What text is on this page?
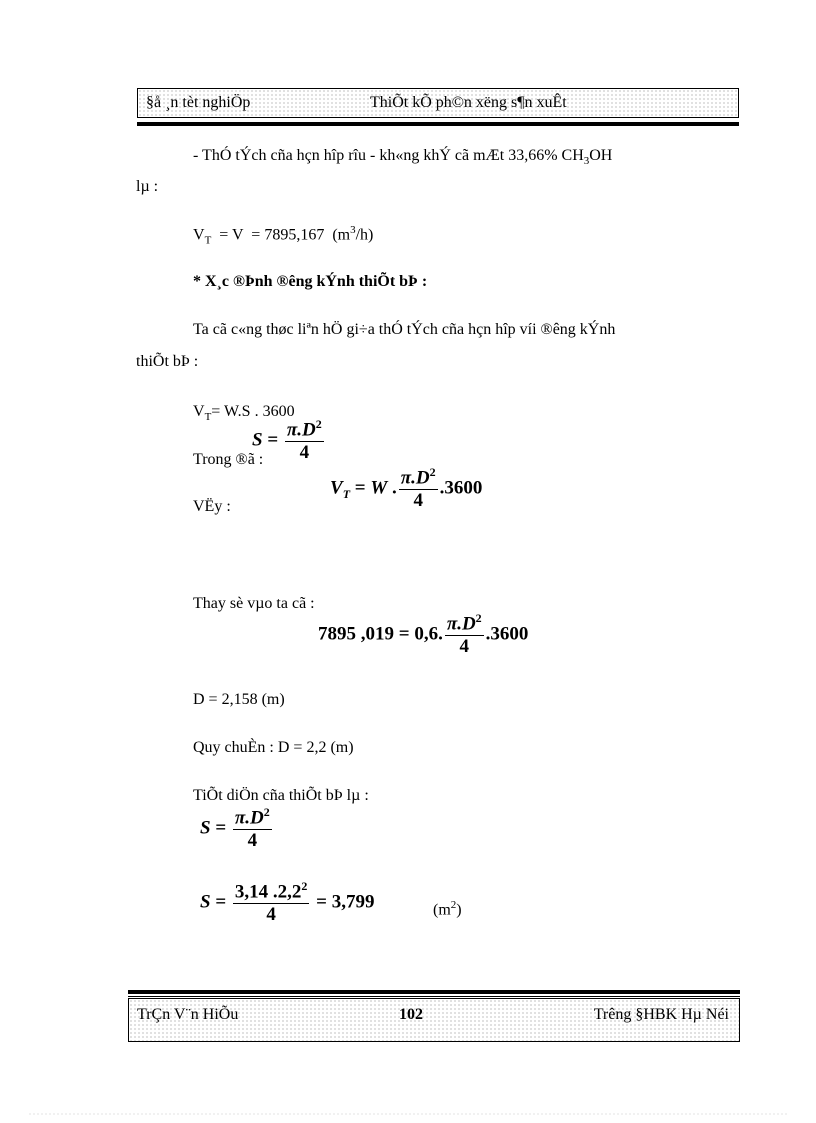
§å ¸n tèt nghiÖp	ThiÕt kÕ ph©n xëng s¶n xuÊt
- ThÓ tÝch cña hçn hîp rîu - kh«ng khÝ cã mÆt 33,66% $CH_3OH$
lµ :
$V_T = V = 7895,167$  $(m^3/h)$
* X¸c ®Þnh ®êng kÝnh thiÕt bÞ :
Ta cã c«ng thøc liªn hÖ gi÷a thÓ tÝch cña hçn hîp víi ®êng kÝnh
thiÕt bÞ :
$V_T= W.S$ . 3600
Trong ®ã :
$S = \frac{\pi.D^2}{4}$
VËy :
$V_T = W$ . $\frac{\pi.D^2}{4} .3600$
Thay sè vµo ta cã :
7895 ,019 = 0,6. $\frac{\pi.D^2}{4} .3600$
D = 2,158 (m)
Quy chuÈn : D = 2,2 (m)
TiÕt diÖn cña thiÕt bÞ lµ :
$S = \frac{\pi.D^2}{4}$
$S = \frac{3,14 .2,2^2}{4} = 3,799$	$(m^2)$
TrÇn V¨n HiÕu	102	Trêng §HBK Hµ Néi
